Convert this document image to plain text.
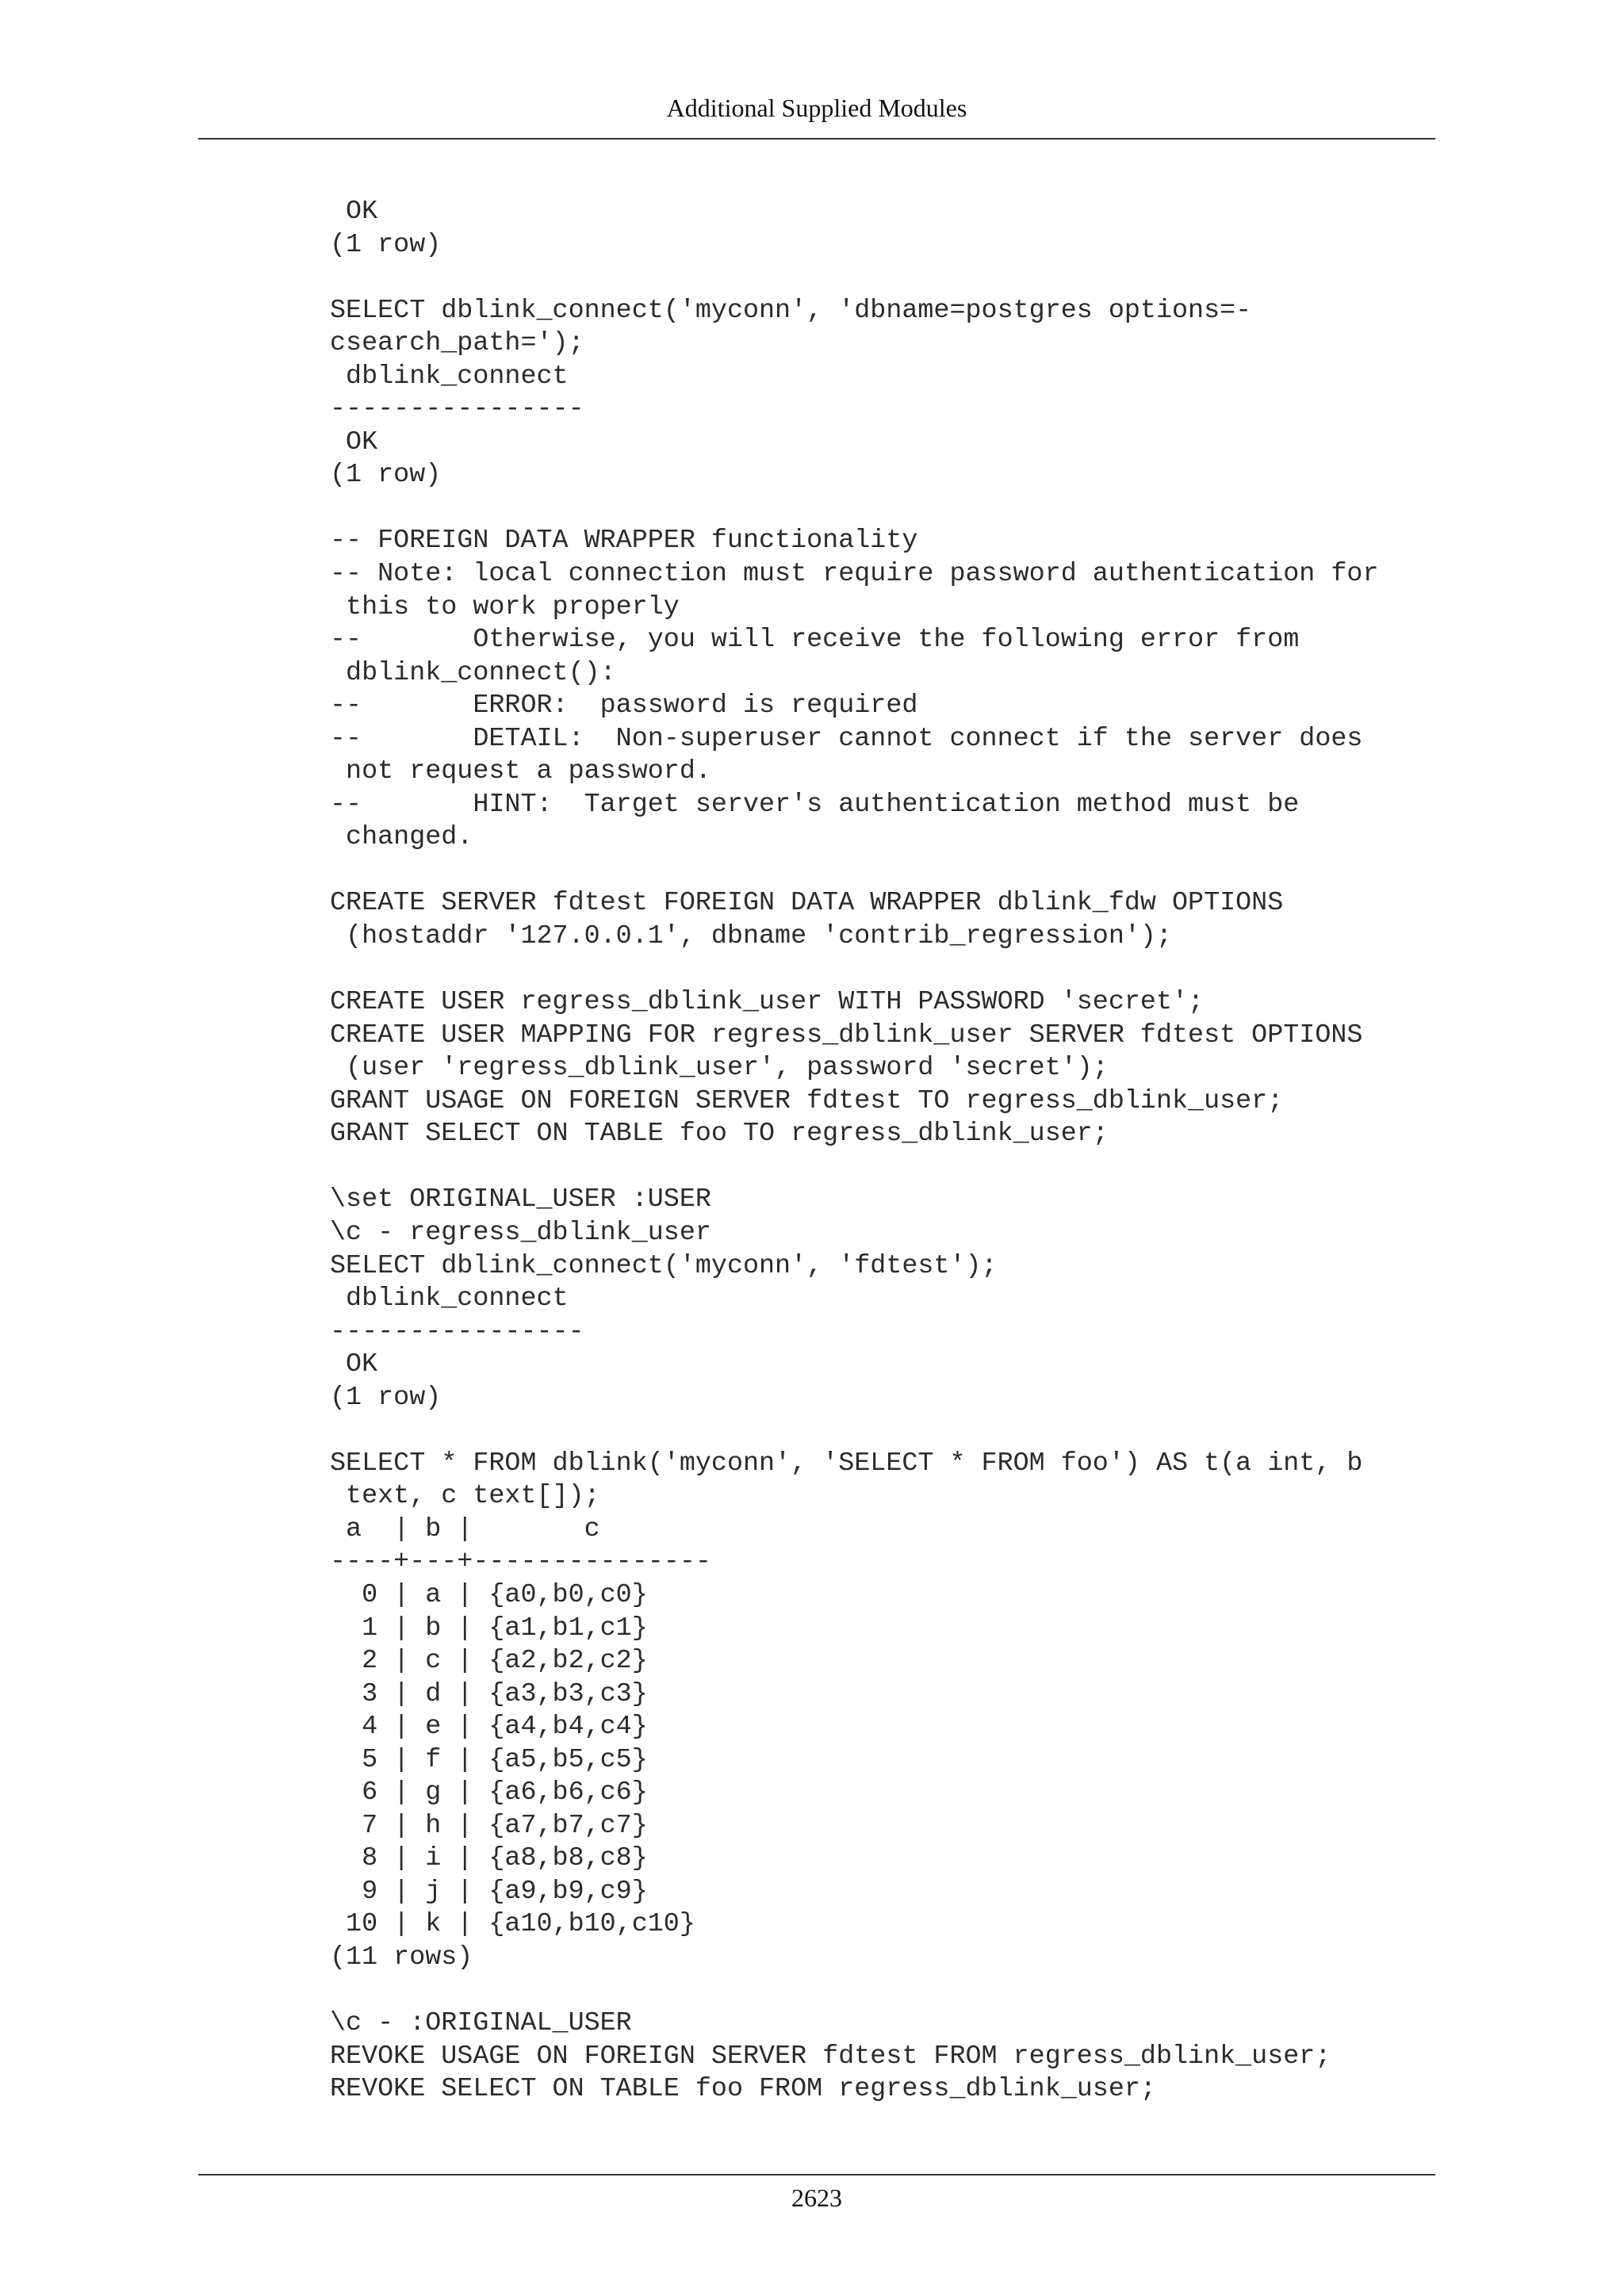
Additional Supplied Modules
OK
(1 row)
SELECT dblink_connect('myconn', 'dbname=postgres options=-
csearch_path=');
dblink_connect
----------------
OK
(1 row)
-- FOREIGN DATA WRAPPER functionality
-- Note: local connection must require password authentication for
this to work properly
--       Otherwise, you will receive the following error from
dblink_connect():
--       ERROR:  password is required
--       DETAIL:  Non-superuser cannot connect if the server does
not request a password.
--       HINT:  Target server's authentication method must be
changed.
CREATE SERVER fdtest FOREIGN DATA WRAPPER dblink_fdw OPTIONS
(hostaddr '127.0.0.1', dbname 'contrib_regression');
CREATE USER regress_dblink_user WITH PASSWORD 'secret';
CREATE USER MAPPING FOR regress_dblink_user SERVER fdtest OPTIONS
(user 'regress_dblink_user', password 'secret');
GRANT USAGE ON FOREIGN SERVER fdtest TO regress_dblink_user;
GRANT SELECT ON TABLE foo TO regress_dblink_user;
\set ORIGINAL_USER :USER
\c - regress_dblink_user
SELECT dblink_connect('myconn', 'fdtest');
dblink_connect
----------------
OK
(1 row)
SELECT * FROM dblink('myconn', 'SELECT * FROM foo') AS t(a int, b
text, c text[]);
a  | b |       c
----+---+---------------
0 | a | {a0,b0,c0}
1 | b | {a1,b1,c1}
2 | c | {a2,b2,c2}
3 | d | {a3,b3,c3}
4 | e | {a4,b4,c4}
5 | f | {a5,b5,c5}
6 | g | {a6,b6,c6}
7 | h | {a7,b7,c7}
8 | i | {a8,b8,c8}
9 | j | {a9,b9,c9}
10 | k | {a10,b10,c10}
(11 rows)
\c - :ORIGINAL_USER
REVOKE USAGE ON FOREIGN SERVER fdtest FROM regress_dblink_user;
REVOKE SELECT ON TABLE foo FROM regress_dblink_user;
2623
